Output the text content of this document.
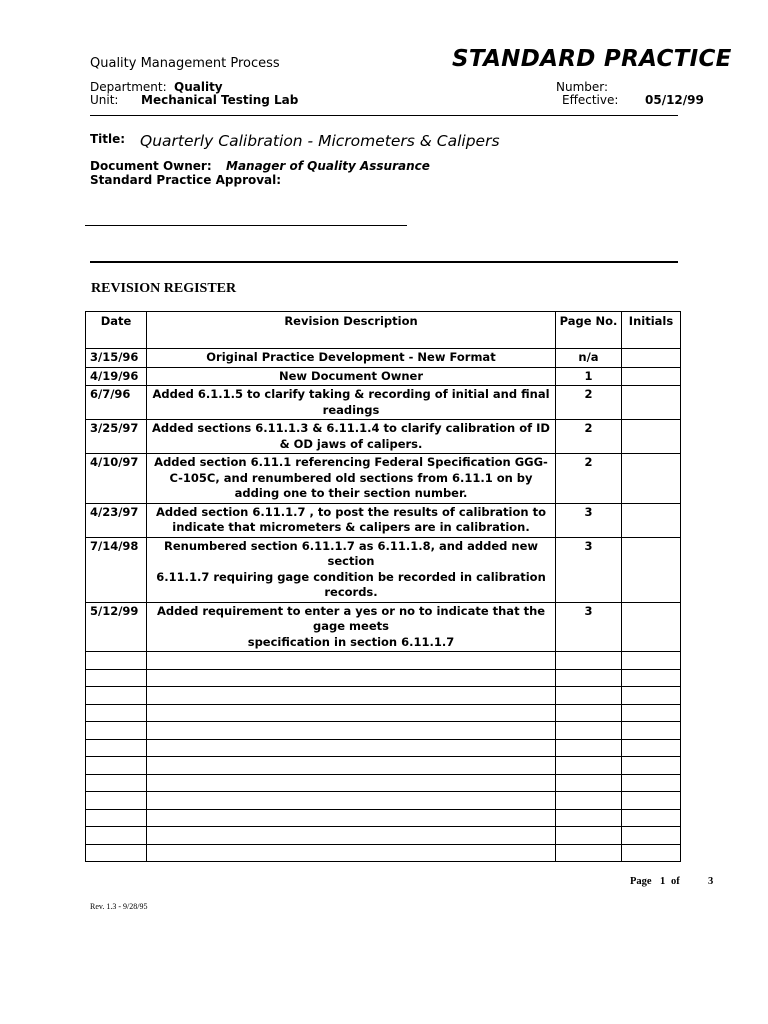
Quality Management Process	STANDARD PRACTICE
Department: Quality
Unit: Mechanical Testing Lab
Number:
Effective: 05/12/99
Title: Quarterly Calibration - Micrometers & Calipers
Document Owner: Manager of Quality Assurance
Standard Practice Approval:
REVISION REGISTER
Date	Revision Description	Page No.	Initials
3/15/96	Original Practice Development - New Format	n/a	
4/19/96	New Document Owner	1	
6/7/96	Added 6.1.1.5 to clarify taking & recording of initial and final readings	2	
3/25/97	Added sections 6.11.1.3 & 6.11.1.4 to clarify calibration of ID & OD jaws of calipers.	2	
4/10/97	Added section 6.11.1 referencing Federal Specification GGG-C-105C, and renumbered old sections from 6.11.1 on by adding one to their section number.	2	
4/23/97	Added section 6.11.1.7 , to post the results of calibration to indicate that micrometers & calipers are in calibration.	3	
7/14/98	Renumbered section 6.11.1.7 as 6.11.1.8, and added new section
6.11.1.7 requiring gage condition be recorded in calibration records.	3	
5/12/99	Added requirement to enter a yes or no to indicate that the gage meets
specification in section 6.11.1.7	3	

Page 1 of	3
Rev. 1.3 - 9/28/95
